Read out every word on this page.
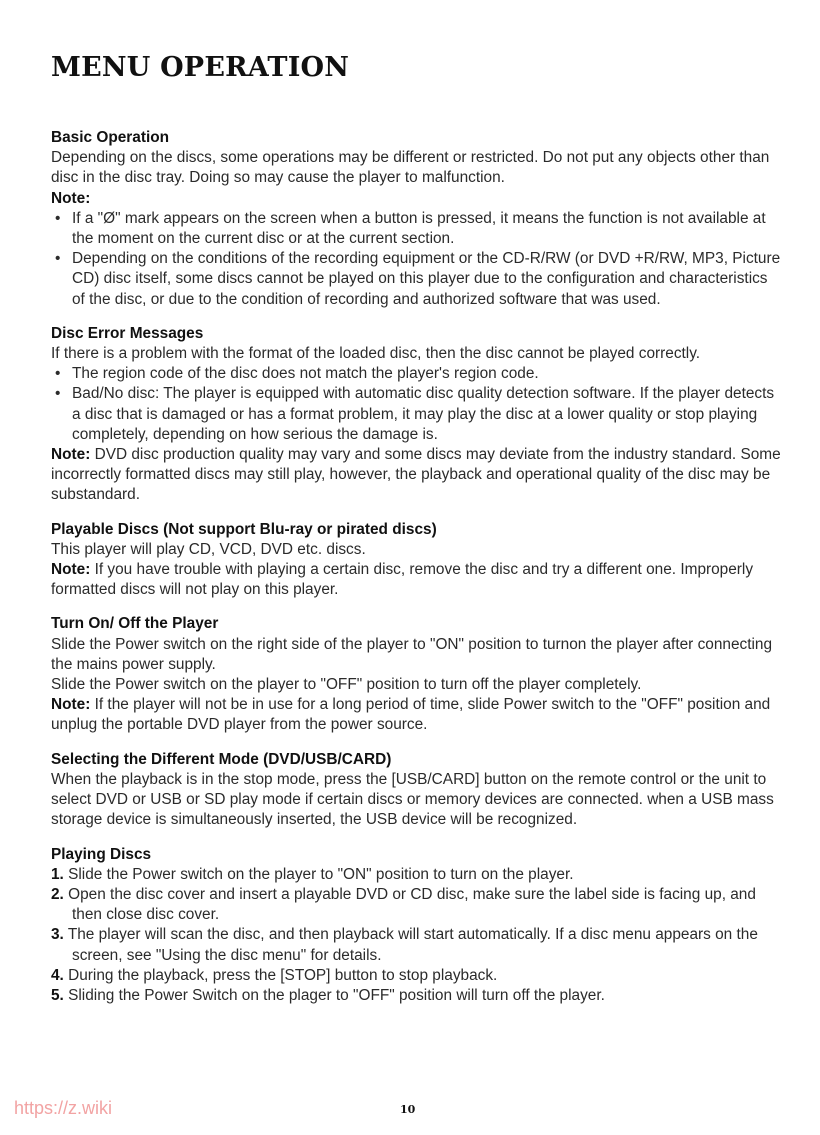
MENU OPERATION
Basic Operation
Depending on the discs, some operations may be different or restricted. Do not put any objects other than disc in the disc tray. Doing so may cause the player to malfunction.
Note:
• If a "Ø" mark appears on the screen when a button is pressed, it means the function is not available at the moment on the current disc or at the current section.
• Depending on the conditions of the recording equipment or the CD-R/RW (or DVD +R/RW, MP3, Picture CD) disc itself, some discs cannot be played on this player due to the configuration and characteristics of the disc, or due to the condition of recording and authorized software that was used.
Disc Error Messages
If there is a problem with the format of the loaded disc, then the disc cannot be played correctly.
• The region code of the disc does not match the player's region code.
• Bad/No disc: The player is equipped with automatic disc quality detection software. If the player detects a disc that is damaged or has a format problem, it may play the disc at a lower quality or stop playing completely, depending on how serious the damage is.
Note: DVD disc production quality may vary and some discs may deviate from the industry standard. Some incorrectly formatted discs may still play, however, the playback and operational quality of the disc may be substandard.
Playable Discs (Not support Blu-ray or pirated discs)
This player will play CD, VCD, DVD etc. discs.
Note: If you have trouble with playing a certain disc, remove the disc and try a different one. Improperly formatted discs will not play on this player.
Turn On/ Off the Player
Slide the Power switch on the right side of the player to "ON" position to turnon the player after connecting the mains power supply.
Slide the Power switch on the player to "OFF" position to turn off the player completely.
Note: If the player will not be in use for a long period of time, slide Power switch to the "OFF" position and unplug the portable DVD player from the power source.
Selecting the Different Mode (DVD/USB/CARD)
When the playback is in the stop mode, press the [USB/CARD] button on the remote control or the unit to select DVD or USB or SD play mode if certain discs or memory devices are connected. when a USB mass storage device is simultaneously inserted, the USB device will be recognized.
Playing Discs
1. Slide the Power switch on the player to "ON" position to turn on the player.
2. Open the disc cover and insert a playable DVD or CD disc, make sure the label side is facing up, and then close disc cover.
3. The player will scan the disc, and then playback will start automatically. If a disc menu appears on the screen, see "Using the disc menu" for details.
4. During the playback, press the [STOP] button to stop playback.
5. Sliding the Power Switch on the plager to "OFF" position will turn off the player.
https://z.wiki	10
